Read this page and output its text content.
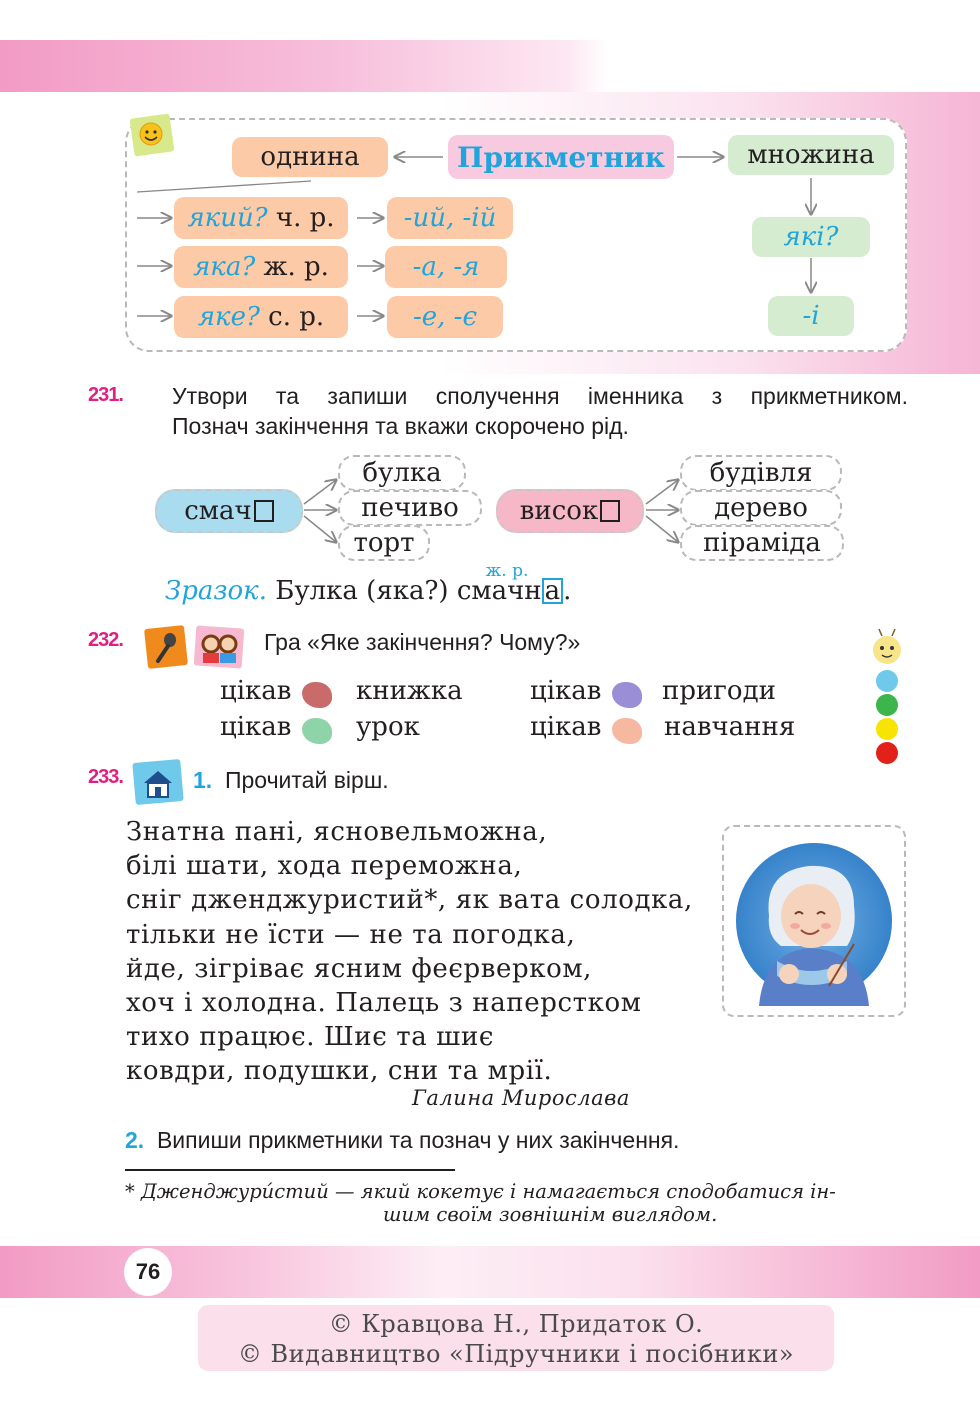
однина	Прикметник	множина
який?
ч. р.	-ий, -ій
яка?
ж. р.	-а, -я
яке?
с. р.	-е, -є
які?
-і
231. Утвори та запиши сполучення іменника з прикметником.
Познач закінчення та вкажи скорочено рід.
смач
булка
печиво
торт
висок
будівля
дерево
піраміда
Зразок. Булка (яка?) смачн а
ж. р.
.
232.	Гра «Яке закінчення? Чому?»
цікав книжка	цікав пригоди
цікав урок	цікав навчання
233.	1. Прочитай вірш.
Знатна пані, ясновельможна,
білі шати, хода переможна,
сніг дженджуристий*, як вата солодка,
тільки не їсти — не та погодка,
йде, зігріває ясним феєрверком,
хоч і холодна. Палець з наперстком
тихо працює. Шиє та шиє
ковдри, подушки, сни та мрії.
Галина Мирослава
2. Випиши прикметники та познач у них закінчення.
* Дженджури́стий — який кокетує і намагається сподобатися ін-
шим своїм зовнішнім виглядом.
76
© Кравцова Н., Придаток О.
© Видавництво «Підручники і посібники»
